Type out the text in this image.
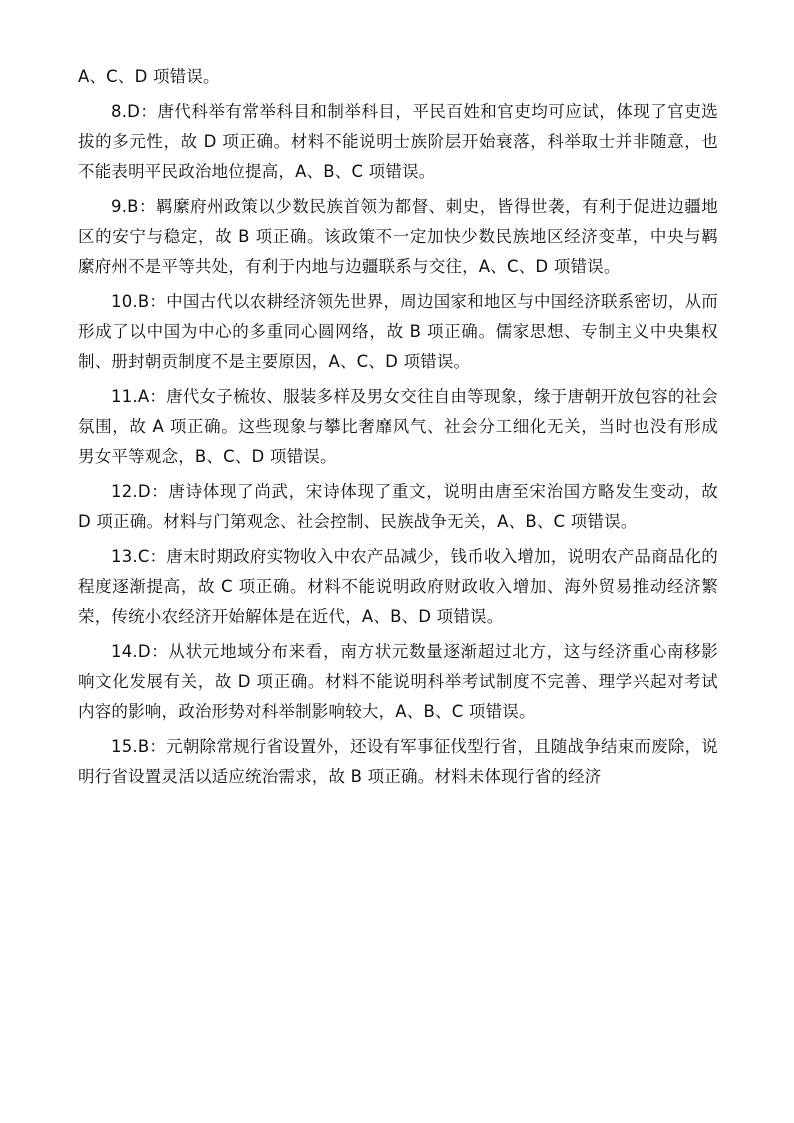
A、C、D 项错误。

8.D：唐代科举有常举科目和制举科目，平民百姓和官吏均可应试，体现了官吏选拔的多元性，故 D 项正确。材料不能说明士族阶层开始衰落，科举取士并非随意，也不能表明平民政治地位提高，A、B、C 项错误。

9.B：羁縻府州政策以少数民族首领为都督、刺史，皆得世袭，有利于促进边疆地区的安宁与稳定，故 B 项正确。该政策不一定加快少数民族地区经济变革，中央与羁縻府州不是平等共处，有利于内地与边疆联系与交往，A、C、D 项错误。

10.B：中国古代以农耕经济领先世界，周边国家和地区与中国经济联系密切，从而形成了以中国为中心的多重同心圆网络，故 B 项正确。儒家思想、专制主义中央集权制、册封朝贡制度不是主要原因，A、C、D 项错误。

11.A：唐代女子梳妆、服装多样及男女交往自由等现象，缘于唐朝开放包容的社会氛围，故 A 项正确。这些现象与攀比奢靡风气、社会分工细化无关，当时也没有形成男女平等观念，B、C、D 项错误。

12.D：唐诗体现了尚武，宋诗体现了重文，说明由唐至宋治国方略发生变动，故 D 项正确。材料与门第观念、社会控制、民族战争无关，A、B、C 项错误。

13.C：唐末时期政府实物收入中农产品减少，钱币收入增加，说明农产品商品化的程度逐渐提高，故 C 项正确。材料不能说明政府财政收入增加、海外贸易推动经济繁荣，传统小农经济开始解体是在近代，A、B、D 项错误。

14.D：从状元地域分布来看，南方状元数量逐渐超过北方，这与经济重心南移影响文化发展有关，故 D 项正确。材料不能说明科举考试制度不完善、理学兴起对考试内容的影响，政治形势对科举制影响较大，A、B、C 项错误。

15.B：元朝除常规行省设置外，还设有军事征伐型行省，且随战争结束而废除，说明行省设置灵活以适应统治需求，故 B 项正确。材料未体现行省的经济
